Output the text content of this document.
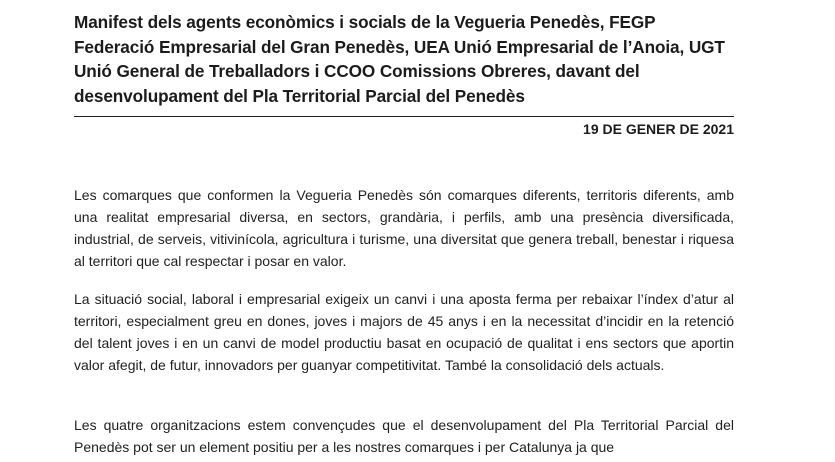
Manifest dels agents econòmics i socials de la Vegueria Penedès, FEGP Federació Empresarial del Gran Penedès, UEA Unió Empresarial de l’Anoia, UGT Unió General de Treballadors i CCOO Comissions Obreres, davant del desenvolupament del Pla Territorial Parcial del Penedès
19 DE GENER DE 2021
Les comarques que conformen la Vegueria Penedès són comarques diferents, territoris diferents, amb una realitat empresarial diversa, en sectors, grandària, i perfils, amb una presència diversificada, industrial, de serveis, vitivinícola, agricultura i turisme, una diversitat que genera treball, benestar i riquesa al territori que cal respectar i posar en valor.
La situació social, laboral i empresarial exigeix un canvi i una aposta ferma per rebaixar l’índex d’atur al territori, especialment greu en dones, joves i majors de 45 anys i en la necessitat d’incidir en la retenció del talent joves i en un canvi de model productiu basat en ocupació de qualitat i ens sectors que aportin valor afegit, de futur, innovadors per guanyar competitivitat. També la consolidació dels actuals.
Les quatre organitzacions estem convençudes que el desenvolupament del Pla Territorial Parcial del Penedès pot ser un element positiu per a les nostres comarques i per Catalunya ja que
